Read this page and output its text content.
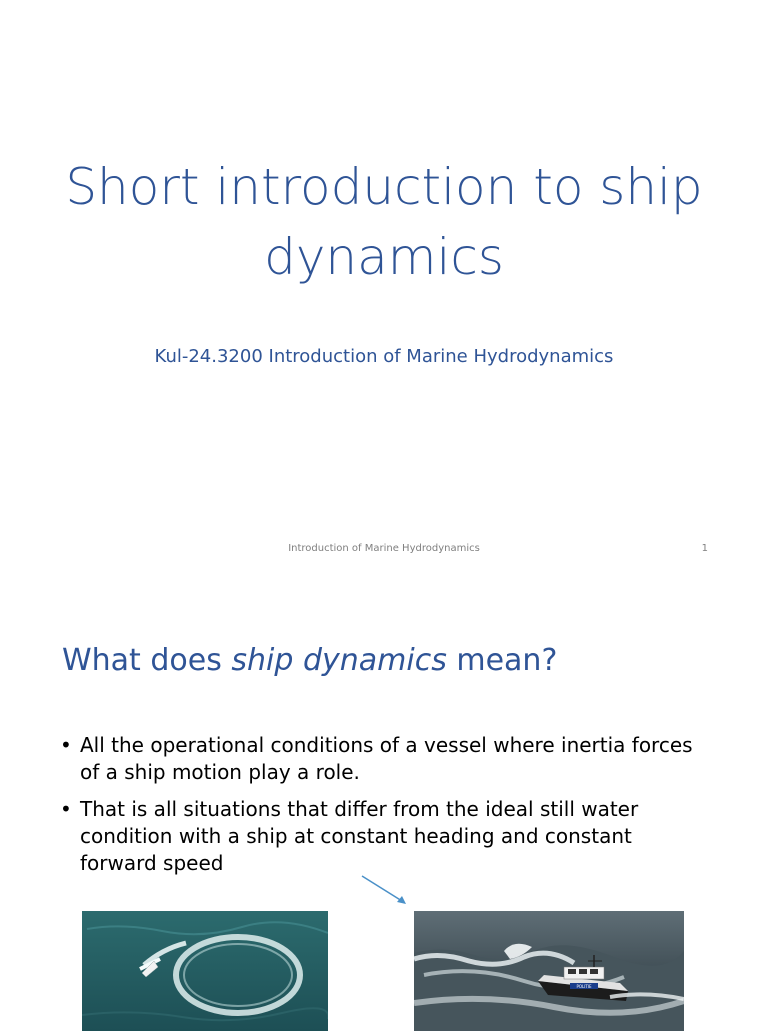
Short introduction to ship dynamics
Kul-24.3200 Introduction of Marine Hydrodynamics
Introduction of Marine Hydrodynamics	1
What does ship dynamics mean?
• All the operational conditions of a vessel where inertia forces of a ship motion play a role.
• That is all situations that differ from the ideal still water condition with a ship at constant heading and constant forward speed
POLITIE
